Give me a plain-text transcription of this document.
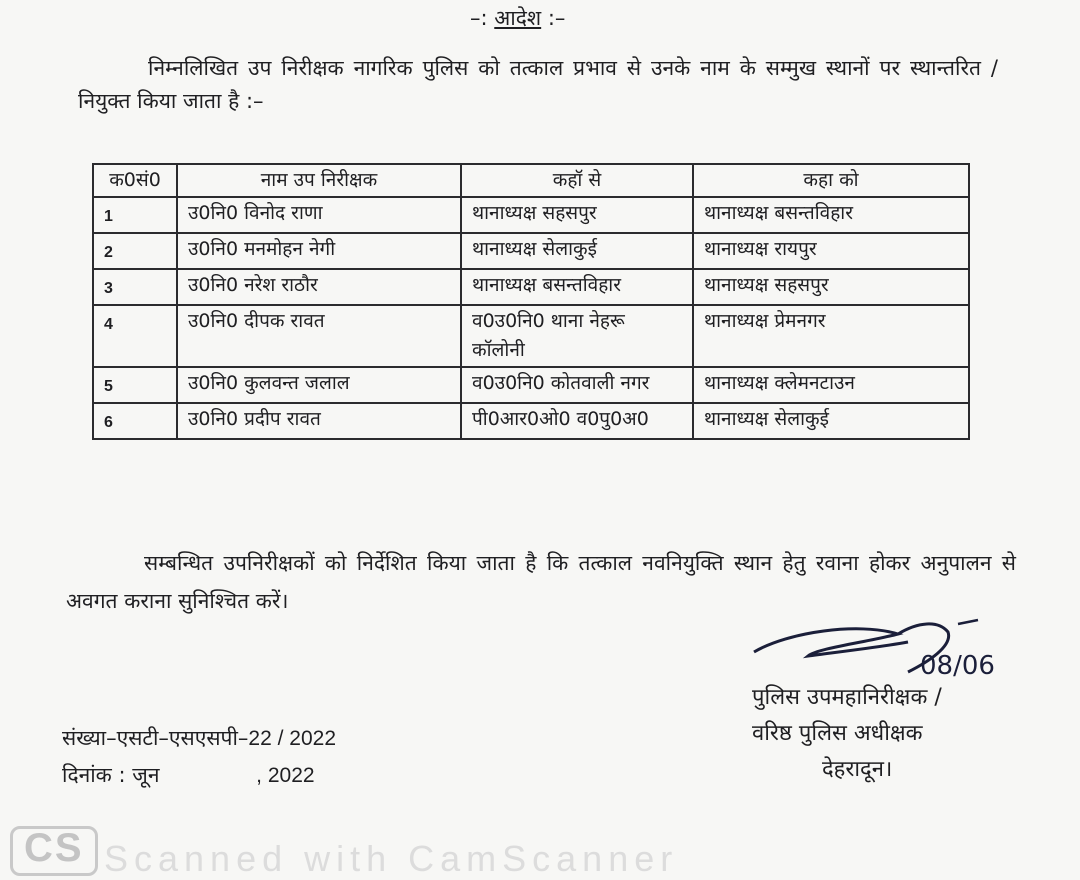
–: आदेश :–
निम्नलिखित उप निरीक्षक नागरिक पुलिस को तत्काल प्रभाव से उनके नाम के सम्मुख स्थानों पर स्थान्तरित / नियुक्त किया जाता है :–
क0सं0	नाम उप निरीक्षक	कहॉ से	कहा को
1	उ0नि0 विनोद राणा	थानाध्यक्ष सहसपुर	थानाध्यक्ष बसन्तविहार
2	उ0नि0 मनमोहन नेगी	थानाध्यक्ष सेलाकुई	थानाध्यक्ष रायपुर
3	उ0नि0 नरेश राठौर	थानाध्यक्ष बसन्तविहार	थानाध्यक्ष सहसपुर
4	उ0नि0 दीपक रावत	व0उ0नि0 थाना नेहरू कॉलोनी	थानाध्यक्ष प्रेमनगर
5	उ0नि0 कुलवन्त जलाल	व0उ0नि0 कोतवाली नगर	थानाध्यक्ष क्लेमनटाउन
6	उ0नि0 प्रदीप रावत	पी0आर0ओ0 व0पु0अ0	थानाध्यक्ष सेलाकुई
सम्बन्धित उपनिरीक्षकों को निर्देशित किया जाता है कि तत्काल नवनियुक्ति स्थान हेतु रवाना होकर अनुपालन से अवगत कराना सुनिश्चित करें।
08/06
संख्या–एसटी–एसएसपी–22 / 2022
दिनांक : जून	, 2022
पुलिस उपमहानिरीक्षक /
वरिष्ठ पुलिस अधीक्षक
देहरादून।
CS Scanned with CamScanner
